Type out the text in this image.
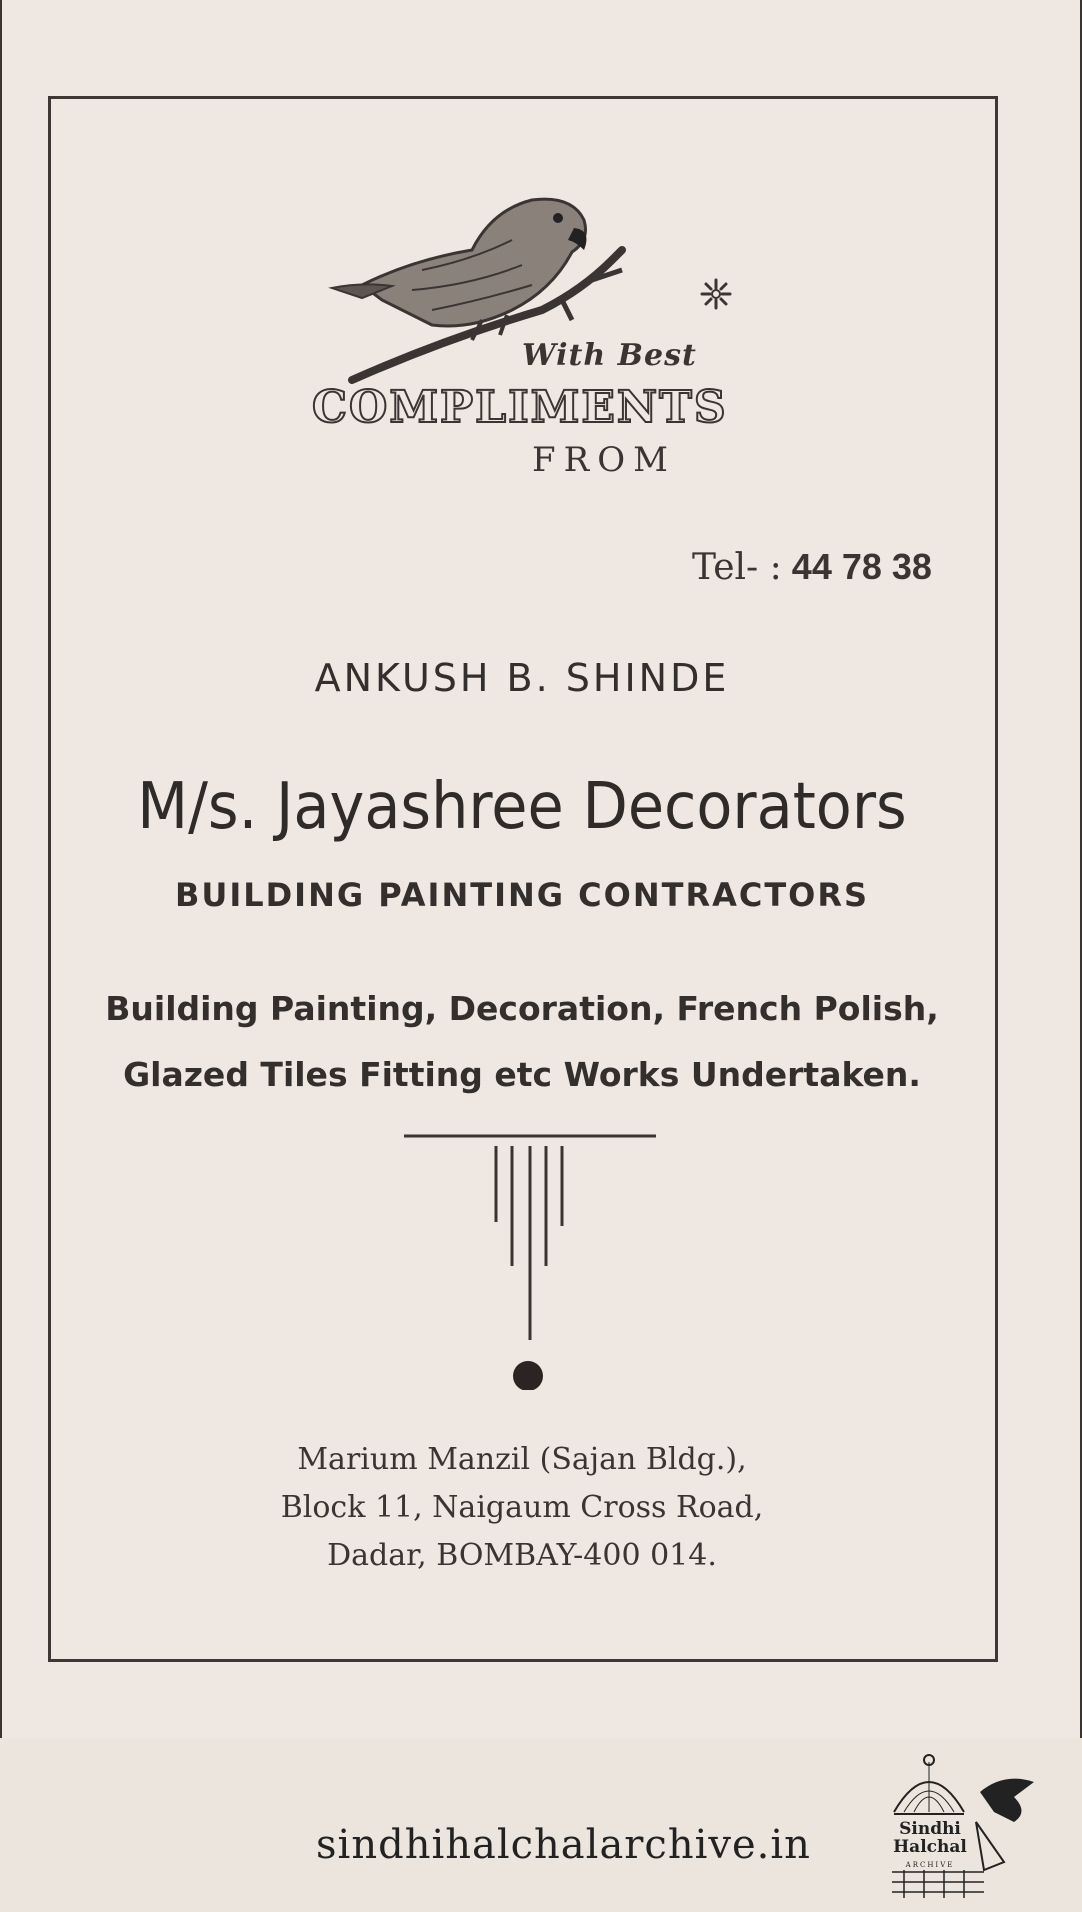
With Best
COMPLIMENTS
FROM
Tel- : 44 78 38
ANKUSH B. SHINDE
M/s. Jayashree Decorators
BUILDING PAINTING CONTRACTORS
Building Painting, Decoration, French Polish,
Glazed Tiles Fitting etc Works Undertaken.
Marium Manzil (Sajan Bldg.),
Block 11, Naigaum Cross Road,
Dadar, BOMBAY-400 014.
sindhihalchalarchive.in	Sindhi
Halchal
ARCHIVE
